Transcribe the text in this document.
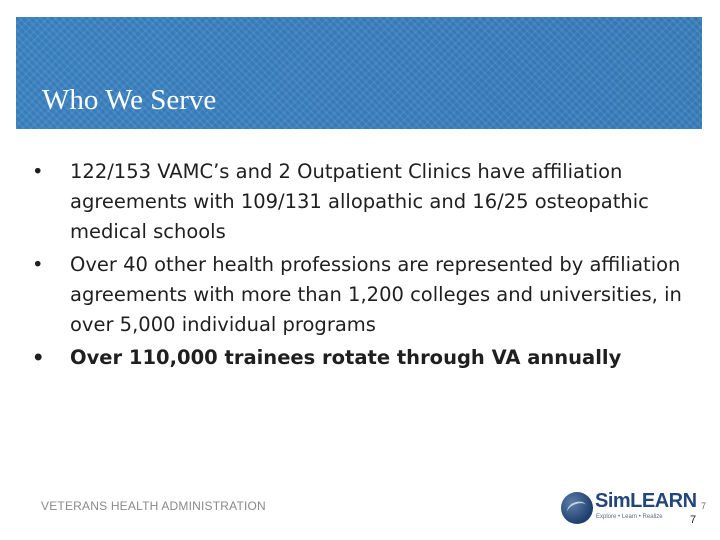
Who We Serve
• 122/153 VAMC’s and 2 Outpatient Clinics have affiliation agreements with 109/131 allopathic and 16/25 osteopathic medical schools
• Over 40 other health professions are represented by affiliation agreements with more than 1,200 colleges and universities, in over 5,000 individual programs
• Over 110,000 trainees rotate through VA annually
VETERANS HEALTH ADMINISTRATION	SimLEARN
Explore • Learn • Realize
7
7
